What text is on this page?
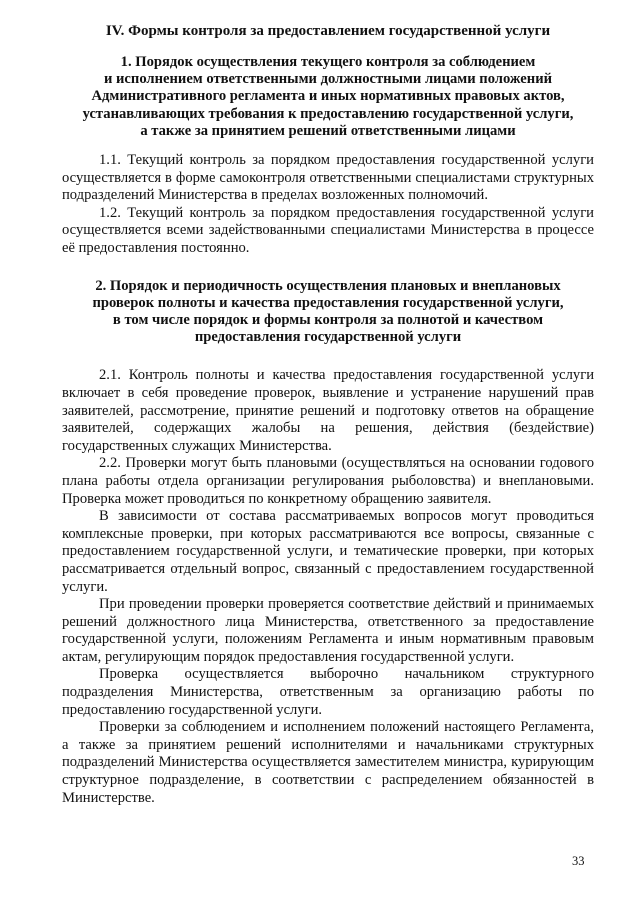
IV. Формы контроля за предоставлением государственной услуги
1. Порядок осуществления текущего контроля за соблюдением
и исполнением ответственными должностными лицами положений
Административного регламента и иных нормативных правовых актов,
устанавливающих требования к предоставлению государственной услуги,
а также за принятием решений ответственными лицами

1.1. Текущий контроль за порядком предоставления государственной услуги осуществляется в форме самоконтроля ответственными специалистами структурных подразделений Министерства в пределах возложенных полномочий.

1.2. Текущий контроль за порядком предоставления государственной услуги осуществляется всеми задействованными специалистами Министерства в процессе её предоставления постоянно.

2. Порядок и периодичность осуществления плановых и внеплановых
проверок полноты и качества предоставления государственной услуги,
в том числе порядок и формы контроля за полнотой и качеством
предоставления государственной услуги

2.1. Контроль полноты и качества предоставления государственной услуги включает в себя проведение проверок, выявление и устранение нарушений прав заявителей, рассмотрение, принятие решений и подготовку ответов на обращение заявителей, содержащих жалобы на решения, действия (бездействие) государственных служащих Министерства.

2.2. Проверки могут быть плановыми (осуществляться на основании годового плана работы отдела организации регулирования рыболовства) и внеплановыми. Проверка может проводиться по конкретному обращению заявителя.

В зависимости от состава рассматриваемых вопросов могут проводиться комплексные проверки, при которых рассматриваются все вопросы, связанные с предоставлением государственной услуги, и тематические проверки, при которых рассматривается отдельный вопрос, связанный с предоставлением государственной услуги.

При проведении проверки проверяется соответствие действий и принимаемых решений должностного лица Министерства, ответственного за предоставление государственной услуги, положениям Регламента и иным нормативным правовым актам, регулирующим порядок предоставления государственной услуги.

Проверка осуществляется выборочно начальником структурного подразделения Министерства, ответственным за организацию работы по предоставлению государственной услуги.

Проверки за соблюдением и исполнением положений настоящего Регламента, а также за принятием решений исполнителями и начальниками структурных подразделений Министерства осуществляется заместителем министра, курирующим структурное подразделение, в соответствии с распределением обязанностей в Министерстве.

33
